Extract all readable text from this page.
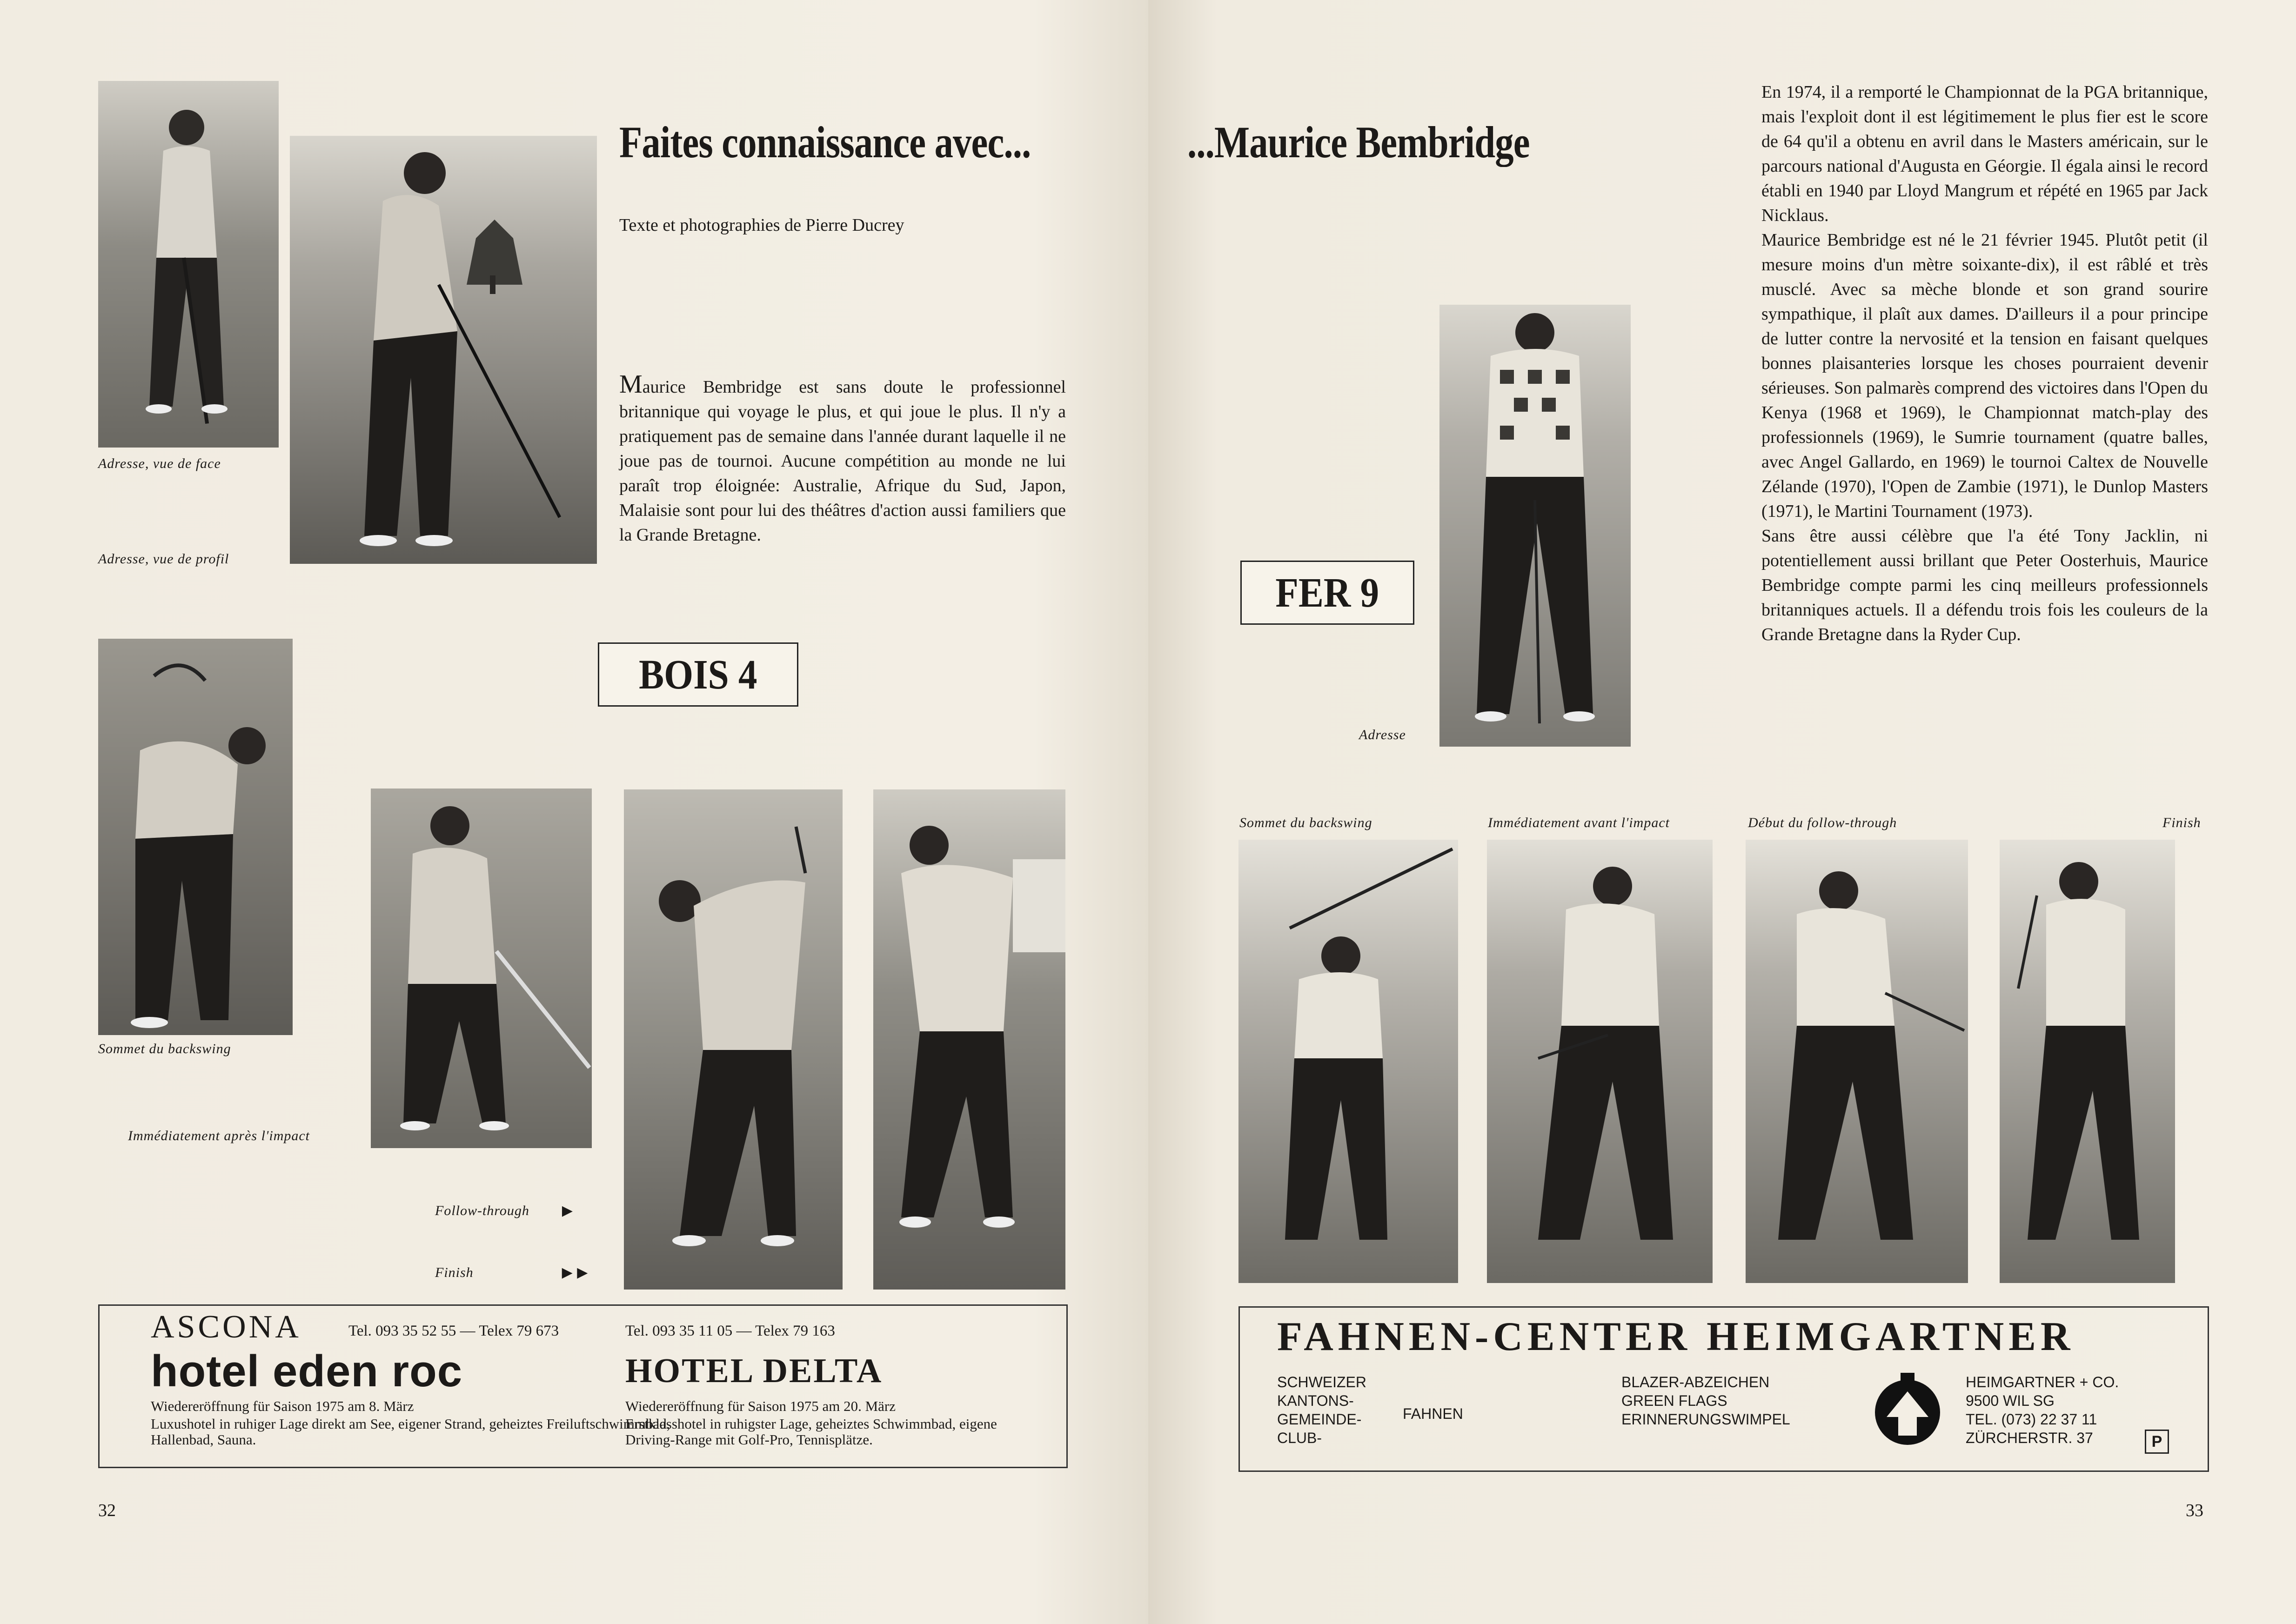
Adresse, vue de face
Adresse, vue de profil
Faites connaissance avec...
Texte et photographies de Pierre Ducrey

Maurice Bembridge est sans doute le professionnel britannique qui voyage le plus, et qui joue le plus. Il n'y a pratiquement pas de semaine dans l'année durant laquelle il ne joue pas de tournoi. Aucune compétition au monde ne lui paraît trop éloignée: Australie, Afrique du Sud, Japon, Malaisie sont pour lui des théâtres d'action aussi familiers que la Grande Bretagne.

BOIS 4
Sommet du backswing
Immédiatement après l'impact
Follow-through ▶
Finish	▶ ▶
ASCONA	Tel. 093 35 52 55 — Telex 79 673
hotel eden roc
Wiedereröffnung für Saison 1975 am 8. März
Luxushotel in ruhiger Lage direkt am See, eigener Strand, geheiztes Freiluftschwimmbad, Hallenbad, Sauna.
Tel. 093 35 11 05 — Telex 79 163
HOTEL DELTA
Wiedereröffnung für Saison 1975 am 20. März
Erstklasshotel in ruhigster Lage, geheiztes Schwimmbad, eigene Driving-Range mit Golf-Pro, Tennisplätze.
32
...Maurice Bembridge

En 1974, il a remporté le Championnat de la PGA britannique, mais l'exploit dont il est légitimement le plus fier est le score de 64 qu'il a obtenu en avril dans le Masters américain, sur le parcours national d'Augusta en Géorgie. Il égala ainsi le record établi en 1940 par Lloyd Mangrum et répété en 1965 par Jack Nicklaus.

Maurice Bembridge est né le 21 février 1945. Plutôt petit (il mesure moins d'un mètre soixante-dix), il est râblé et très musclé. Avec sa mèche blonde et son grand sourire sympathique, il plaît aux dames. D'ailleurs il a pour principe de lutter contre la nervosité et la tension en faisant quelques bonnes plaisanteries lorsque les choses pourraient devenir sérieuses. Son palmarès comprend des victoires dans l'Open du Kenya (1968 et 1969), le Championnat match-play des professionnels (1969), le Sumrie tournament (quatre balles, avec Angel Gallardo, en 1969) le tournoi Caltex de Nouvelle Zélande (1970), l'Open de Zambie (1971), le Dunlop Masters (1971), le Martini Tournament (1973).

Sans être aussi célèbre que l'a été Tony Jacklin, ni potentiellement aussi brillant que Peter Oosterhuis, Maurice Bembridge compte parmi les cinq meilleurs professionnels britanniques actuels. Il a défendu trois fois les couleurs de la Grande Bretagne dans la Ryder Cup.

FER 9
Adresse
Sommet du backswing	Immédiatement avant l'impact	Début du follow-through	Finish
FAHNEN-CENTER HEIMGARTNER
SCHWEIZER
KANTONS-
GEMEINDE-
CLUB-
FAHNEN
BLAZER-ABZEICHEN
GREEN FLAGS
ERINNERUNGSWIMPEL
HEIMGARTNER + CO.
9500 WIL SG
TEL. (073) 22 37 11
ZÜRCHERSTR. 37	P
33
